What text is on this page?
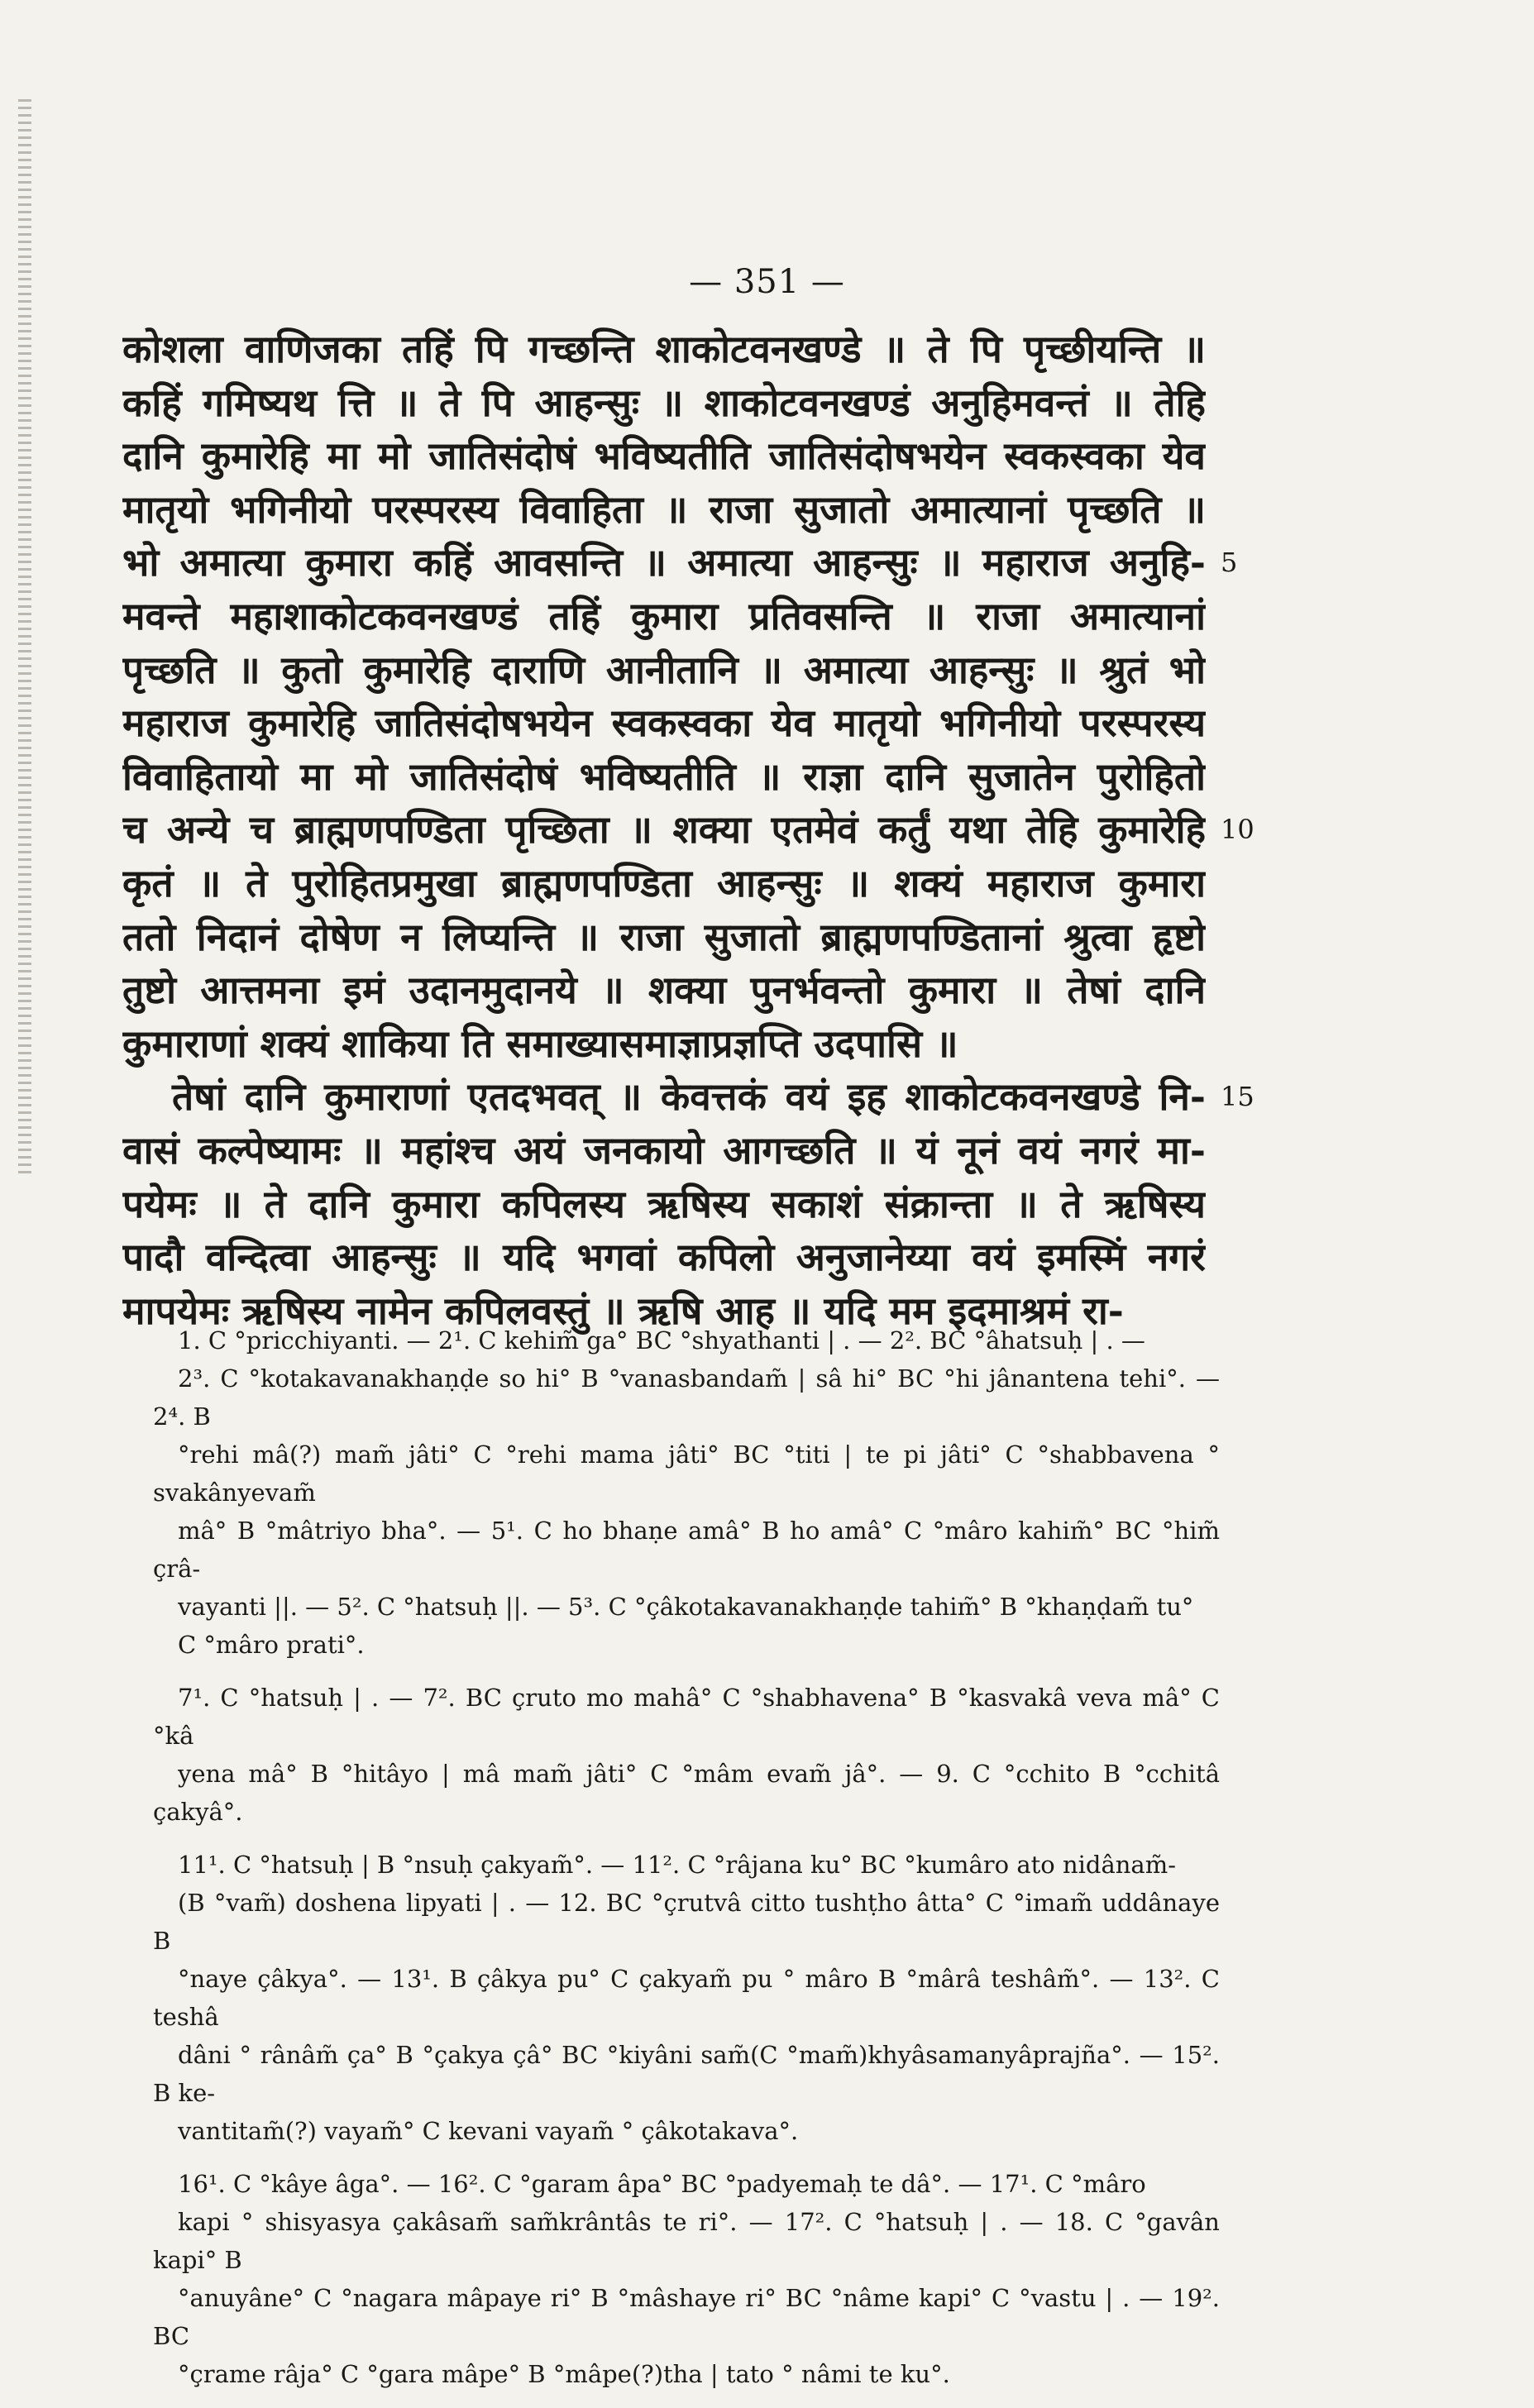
— 351 —
कोशला वाणिजका तहिं पि गच्छन्ति शाकोटवनखण्डे ॥ ते पि पृच्छीयन्ति ॥
कहिं गमिष्यथ त्ति ॥ ते पि आहन्सुः ॥ शाकोटवनखण्डं अनुहिमवन्तं ॥ तेहि
दानि कुमारेहि मा मो जातिसंदोषं भविष्यतीति जातिसंदोषभयेन स्वकस्वका येव
मातृयो भगिनीयो परस्परस्य विवाहिता ॥ राजा सुजातो अमात्यानां पृच्छति ॥
भो अमात्या कुमारा कहिं आवसन्ति ॥ अमात्या आहन्सुः ॥ महाराज अनुहि-
मवन्ते महाशाकोटकवनखण्डं तहिं कुमारा प्रतिवसन्ति ॥ राजा अमात्यानां
पृच्छति ॥ कुतो कुमारेहि दाराणि आनीतानि ॥ अमात्या आहन्सुः ॥ श्रुतं भो
महाराज कुमारेहि जातिसंदोषभयेन स्वकस्वका येव मातृयो भगिनीयो परस्परस्य
विवाहितायो मा मो जातिसंदोषं भविष्यतीति ॥ राज्ञा दानि सुजातेन पुरोहितो
च अन्ये च ब्राह्मणपण्डिता पृच्छिता ॥ शक्या एतमेवं कर्तुं यथा तेहि कुमारेहि
कृतं ॥ ते पुरोहितप्रमुखा ब्राह्मणपण्डिता आहन्सुः ॥ शक्यं महाराज कुमारा
ततो निदानं दोषेण न लिप्यन्ति ॥ राजा सुजातो ब्राह्मणपण्डितानां श्रुत्वा हृष्टो
तुष्टो आत्तमना इमं उदानमुदानये ॥ शक्या पुनर्भवन्तो कुमारा ॥ तेषां दानि
कुमाराणां शक्यं शाकिया ति समाख्यासमाज्ञाप्रज्ञप्ति उदपासि ॥
तेषां दानि कुमाराणां एतदभवत् ॥ केवत्तकं वयं इह शाकोटकवनखण्डे नि-
वासं कल्पेष्यामः ॥ महांश्च अयं जनकायो आगच्छति ॥ यं नूनं वयं नगरं मा-
पयेमः ॥ ते दानि कुमारा कपिलस्य ऋषिस्य सकाशं संक्रान्ता ॥ ते ऋषिस्य
पादौ वन्दित्वा आहन्सुः ॥ यदि भगवां कपिलो अनुजानेय्या वयं इमस्मिं नगरं
मापयेमः ऋषिस्य नामेन कपिलवस्तुं ॥ ऋषि आह ॥ यदि मम इदमाश्रमं रा-
5
10
15
1. C °pricchiyanti. — 2¹. C kehim̃ ga° BC °shyathanti | . — 2². BC °âhatsuḥ | . —
2³. C °kotakavanakhaṇḍe so hi° B °vanasbandam̃ | sâ hi° BC °hi jânantena tehi°. — 2⁴. B
°rehi mâ(?) mam̃ jâti° C °rehi mama jâti° BC °titi | te pi jâti° C °shabbavena ° svakânyevam̃
mâ° B °mâtriyo bha°. — 5¹. C ho bhaṇe amâ° B ho amâ° C °mâro kahim̃° BC °him̃ çrâ-
vayanti ||. — 5². C °hatsuḥ ||. — 5³. C °çâkotakavanakhaṇḍe tahim̃° B °khaṇḍam̃ tu°
C °mâro prati°.
7¹. C °hatsuḥ | . — 7². BC çruto mo mahâ° C °shabhavena° B °kasvakâ veva mâ° C °kâ
yena mâ° B °hitâyo | mâ mam̃ jâti° C °mâm evam̃ jâ°. — 9. C °cchito B °cchitâ çakyâ°.
11¹. C °hatsuḥ | B °nsuḥ çakyam̃°. — 11². C °râjana ku° BC °kumâro ato nidânam̃-
(B °vam̃) doshena lipyati | . — 12. BC °çrutvâ citto tushṭho âtta° C °imam̃ uddânaye B
°naye çâkya°. — 13¹. B çâkya pu° C çakyam̃ pu ° mâro B °mârâ teshâm̃°. — 13². C teshâ
dâni ° rânâm̃ ça° B °çakya çâ° BC °kiyâni sam̃(C °mam̃)khyâsamanyâprajña°. — 15². B ke-
vantitam̃(?) vayam̃° C kevani vayam̃ ° çâkotakava°.
16¹. C °kâye âga°. — 16². C °garam âpa° BC °padyemaḥ te dâ°. — 17¹. C °mâro
kapi ° shisyasya çakâsam̃ sam̃krântâs te ri°. — 17². C °hatsuḥ | . — 18. C °gavân kapi° B
°anuyâne° C °nagara mâpaye ri° B °mâshaye ri° BC °nâme kapi° C °vastu | . — 19². BC
°çrame râja° C °gara mâpe° B °mâpe(?)tha | tato ° nâmi te ku°.
